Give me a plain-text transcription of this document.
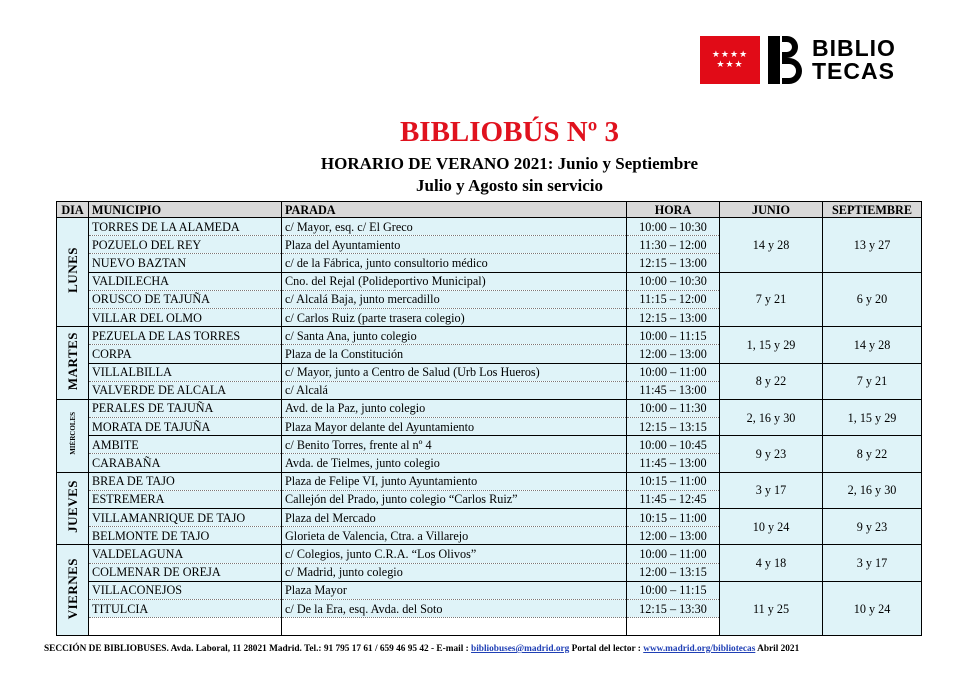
★★★★
★★★
BIBLIO
TECAS
BIBLIOBÚS Nº 3
HORARIO DE VERANO 2021: Junio y Septiembre
Julio y Agosto sin servicio
DIA	MUNICIPIO	PARADA	HORA	JUNIO	SEPTIEMBRE
LUNES	TORRES DE LA ALAMEDA	c/ Mayor, esq. c/ El Greco	10:00 – 10:30	14 y 28	13 y 27
	POZUELO DEL REY	Plaza del Ayuntamiento	11:30 – 12:00		
	NUEVO BAZTAN	c/ de la Fábrica, junto consultorio médico	12:15 – 13:00		
	VALDILECHA	Cno. del Rejal (Polideportivo Municipal)	10:00 – 10:30	7 y 21	6 y 20
	ORUSCO DE TAJUÑA	c/ Alcalá Baja, junto mercadillo	11:15 – 12:00		
	VILLAR DEL OLMO	c/ Carlos Ruiz (parte trasera colegio)	12:15 – 13:00		
MARTES	PEZUELA DE LAS TORRES	c/ Santa Ana, junto colegio	10:00 – 11:15	1, 15 y 29	14 y 28
	CORPA	Plaza de la Constitución	12:00 – 13:00		
	VILLALBILLA	c/ Mayor, junto a Centro de Salud (Urb Los Hueros)	10:00 – 11:00	8 y 22	7 y 21
	VALVERDE DE ALCALA	c/ Alcalá	11:45 – 13:00		
MIÉRCOLES	PERALES DE TAJUÑA	Avd. de la Paz, junto colegio	10:00 – 11:30	2, 16 y 30	1, 15 y 29
	MORATA DE TAJUÑA	Plaza Mayor delante del Ayuntamiento	12:15 – 13:15		
	AMBITE	c/ Benito Torres, frente al nº 4	10:00 – 10:45	9 y 23	8 y 22
	CARABAÑA	Avda. de Tielmes, junto colegio	11:45 – 13:00		
JUEVES	BREA DE TAJO	Plaza de Felipe VI, junto Ayuntamiento	10:15 – 11:00	3 y 17	2, 16 y 30
	ESTREMERA	Callejón del Prado, junto colegio “Carlos Ruiz”	11:45 – 12:45		
	VILLAMANRIQUE DE TAJO	Plaza del Mercado	10:15 – 11:00	10 y 24	9 y 23
	BELMONTE DE TAJO	Glorieta de Valencia, Ctra. a Villarejo	12:00 – 13:00		
VIERNES	VALDELAGUNA	c/ Colegios, junto C.R.A. “Los Olivos”	10:00 – 11:00	4 y 18	3 y 17
	COLMENAR DE OREJA	c/ Madrid, junto colegio	12:00 – 13:15		
	VILLACONEJOS	Plaza Mayor	10:00 – 11:15	11 y 25	10 y 24
	TITULCIA	c/ De la Era, esq. Avda. del Soto	12:15 – 13:30		

SECCIÓN DE BIBLIOBUSES. Avda. Laboral, 11 28021 Madrid. Tel.: 91 795 17 61 / 659 46 95 42 - E-mail : bibliobuses@madrid.org Portal del lector : www.madrid.org/bibliotecas Abril 2021
